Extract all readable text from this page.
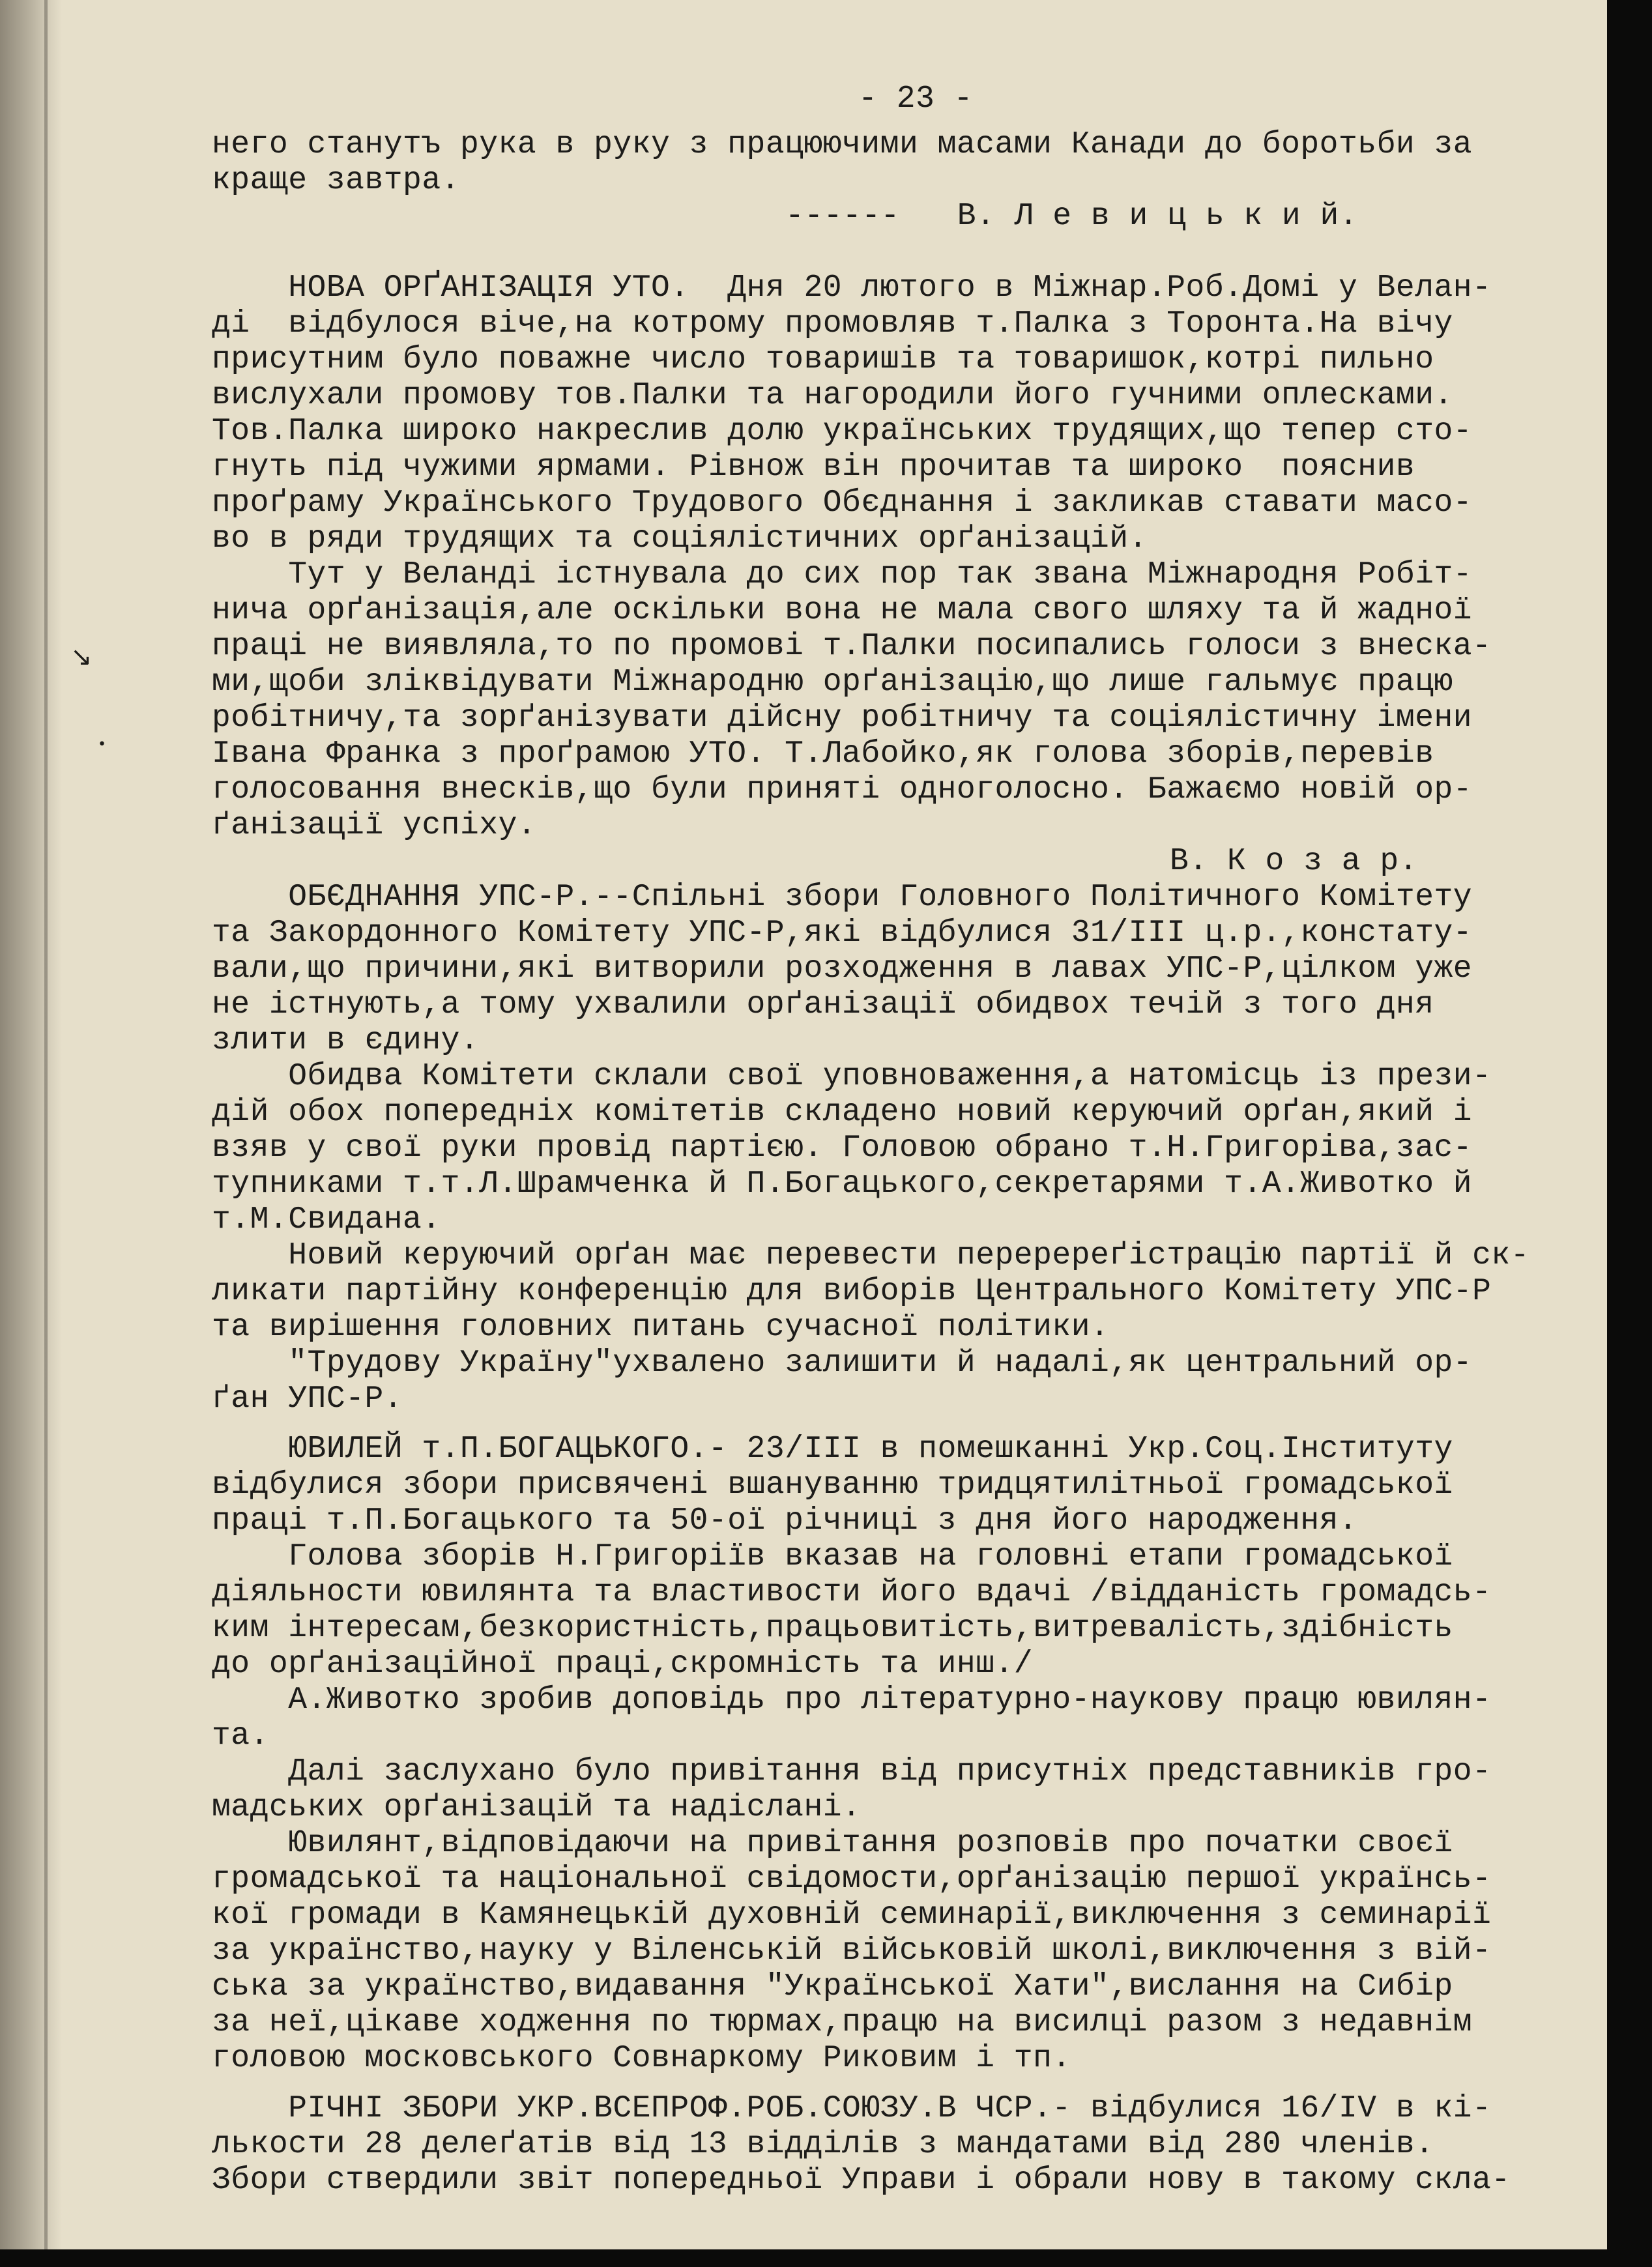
↘
•
- 23 -
него станутъ рука в руку з працюючими масами Канади до боротьби за
краще завтра.
------   В. Л е в и ц ь к и й.
НОВА ОРҐАНІЗАЦІЯ УТО.  Дня 20 лютого в Міжнар.Роб.Домі у Велан-
ді  відбулося віче,на котрому промовляв т.Палка з Торонта.На вічу
присутним було поважне число товаришів та товаришок,котрі пильно
вислухали промову тов.Палки та нагородили його гучними оплесками.
Тов.Палка широко накреслив долю українських трудящих,що тепер сто-
гнуть під чужими ярмами. Рівнож він прочитав та широко  пояснив
проґраму Українського Трудового Обєднання і закликав ставати масо-
во в ряди трудящих та соціялістичних орґанізацій.
Тут у Веланді істнувала до сих пор так звана Міжнародня Робіт-
нича орґанізація,але оскільки вона не мала свого шляху та й жадної
праці не виявляла,то по промові т.Палки посипались голоси з внеска-
ми,щоби зліквідувати Міжнародню орґанізацію,що лише гальмує працю
робітничу,та зорґанізувати дійсну робітничу та соціялістичну імени
Івана Франка з проґрамою УТО. Т.Лабойко,як голова зборів,перевів
голосовання внесків,що були приняті одноголосно. Бажаємо новій ор-
ґанізації успіху.
В. К о з а р.
ОБЄДНАННЯ УПС-Р.--Спільні збори Головного Політичного Комітету
та Закордонного Комітету УПС-Р,які відбулися 31/III ц.р.,констату-
вали,що причини,які витворили розходження в лавах УПС-Р,цілком уже
не істнують,а тому ухвалили орґанізації обидвох течій з того дня
злити в єдину.
Обидва Комітети склали свої уповноваження,а натомісць із прези-
дій обох попередніх комітетів складено новий керуючий орґан,який і
взяв у свої руки провід партією. Головою обрано т.Н.Григоріва,зас-
тупниками т.т.Л.Шрамченка й П.Богацького,секретарями т.А.Животко й
т.М.Свидана.
Новий керуючий орґан має перевести переререґістрацію партії й ск-
ликати партійну конференцію для виборів Центрального Комітету УПС-Р
та вирішення головних питань сучасної політики.
"Трудову Україну"ухвалено залишити й надалі,як центральний ор-
ґан УПС-Р.
ЮВИЛЕЙ т.П.БОГАЦЬКОГО.- 23/III в помешканні Укр.Соц.Інституту
відбулися збори присвячені вшануванню тридцятилітньої громадської
праці т.П.Богацького та 50-ої річниці з дня його народження.
Голова зборів Н.Григоріїв вказав на головні етапи громадської
діяльности ювилянта та властивости його вдачі /відданість громадсь-
ким інтересам,безкористність,працьовитість,витревалість,здібність
до орґанізаційної праці,скромність та инш./
А.Животко зробив доповідь про літературно-наукову працю ювилян-
та.
Далі заслухано було привітання від присутніх представників гро-
мадських орґанізацій та надіслані.
Ювилянт,відповідаючи на привітання розповів про початки своєї
громадської та національної свідомости,орґанізацію першої українсь-
кої громади в Камянецькій духовній семинарії,виключення з семинарії
за українство,науку у Віленській військовій школі,виключення з вій-
ська за українство,видавання "Української Хати",вислання на Сибір
за неї,цікаве ходження по тюрмах,працю на висилці разом з недавнім
головою московського Совнаркому Риковим і тп.
РІЧНІ ЗБОРИ УКР.ВСЕПРОФ.РОБ.СОЮЗУ.В ЧСР.- відбулися 16/IV в кі-
лькости 28 делеґатів від 13 відділів з мандатами від 280 членів.
Збори ствердили звіт попередньої Управи і обрали нову в такому скла-
